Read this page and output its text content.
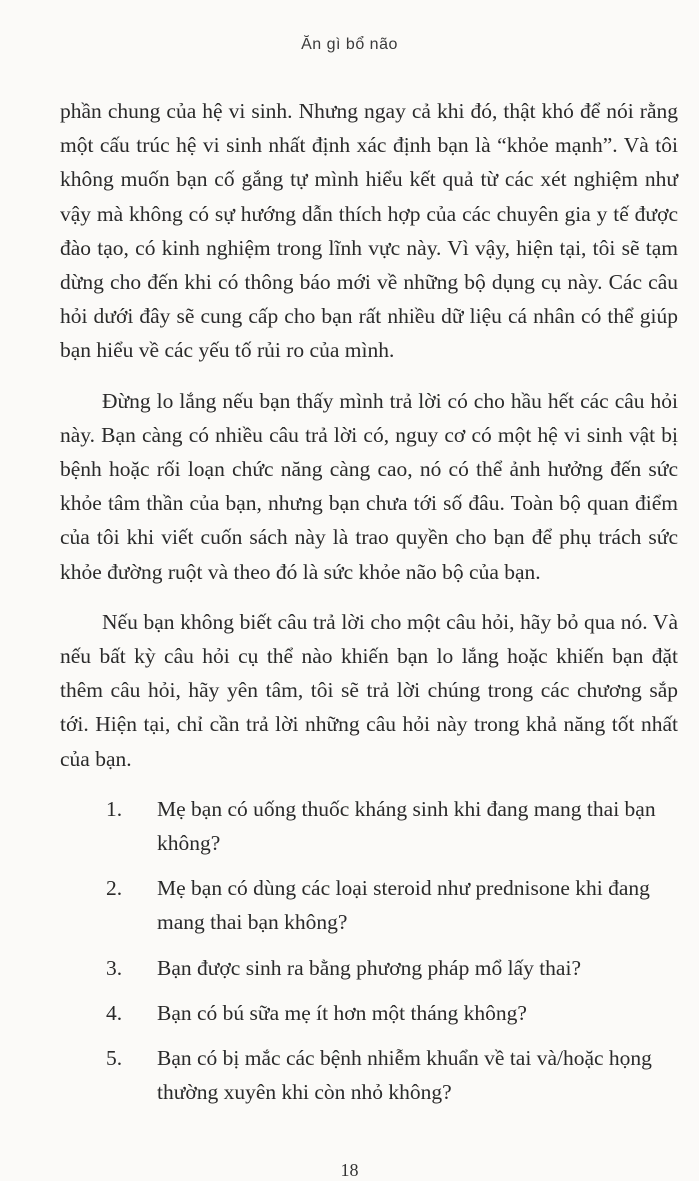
Ăn gì bổ não

phần chung của hệ vi sinh. Nhưng ngay cả khi đó, thật khó để nói rằng một cấu trúc hệ vi sinh nhất định xác định bạn là “khỏe mạnh”. Và tôi không muốn bạn cố gắng tự mình hiểu kết quả từ các xét nghiệm như vậy mà không có sự hướng dẫn thích hợp của các chuyên gia y tế được đào tạo, có kinh nghiệm trong lĩnh vực này. Vì vậy, hiện tại, tôi sẽ tạm dừng cho đến khi có thông báo mới về những bộ dụng cụ này. Các câu hỏi dưới đây sẽ cung cấp cho bạn rất nhiều dữ liệu cá nhân có thể giúp bạn hiểu về các yếu tố rủi ro của mình.

Đừng lo lắng nếu bạn thấy mình trả lời có cho hầu hết các câu hỏi này. Bạn càng có nhiều câu trả lời có, nguy cơ có một hệ vi sinh vật bị bệnh hoặc rối loạn chức năng càng cao, nó có thể ảnh hưởng đến sức khỏe tâm thần của bạn, nhưng bạn chưa tới số đâu. Toàn bộ quan điểm của tôi khi viết cuốn sách này là trao quyền cho bạn để phụ trách sức khỏe đường ruột và theo đó là sức khỏe não bộ của bạn.

Nếu bạn không biết câu trả lời cho một câu hỏi, hãy bỏ qua nó. Và nếu bất kỳ câu hỏi cụ thể nào khiến bạn lo lắng hoặc khiến bạn đặt thêm câu hỏi, hãy yên tâm, tôi sẽ trả lời chúng trong các chương sắp tới. Hiện tại, chỉ cần trả lời những câu hỏi này trong khả năng tốt nhất của bạn.

1.	Mẹ bạn có uống thuốc kháng sinh khi đang mang thai bạn không?
2.	Mẹ bạn có dùng các loại steroid như prednisone khi đang mang thai bạn không?
3.	Bạn được sinh ra bằng phương pháp mổ lấy thai?
4.	Bạn có bú sữa mẹ ít hơn một tháng không?
5.	Bạn có bị mắc các bệnh nhiễm khuẩn về tai và/hoặc họng thường xuyên khi còn nhỏ không?
18
